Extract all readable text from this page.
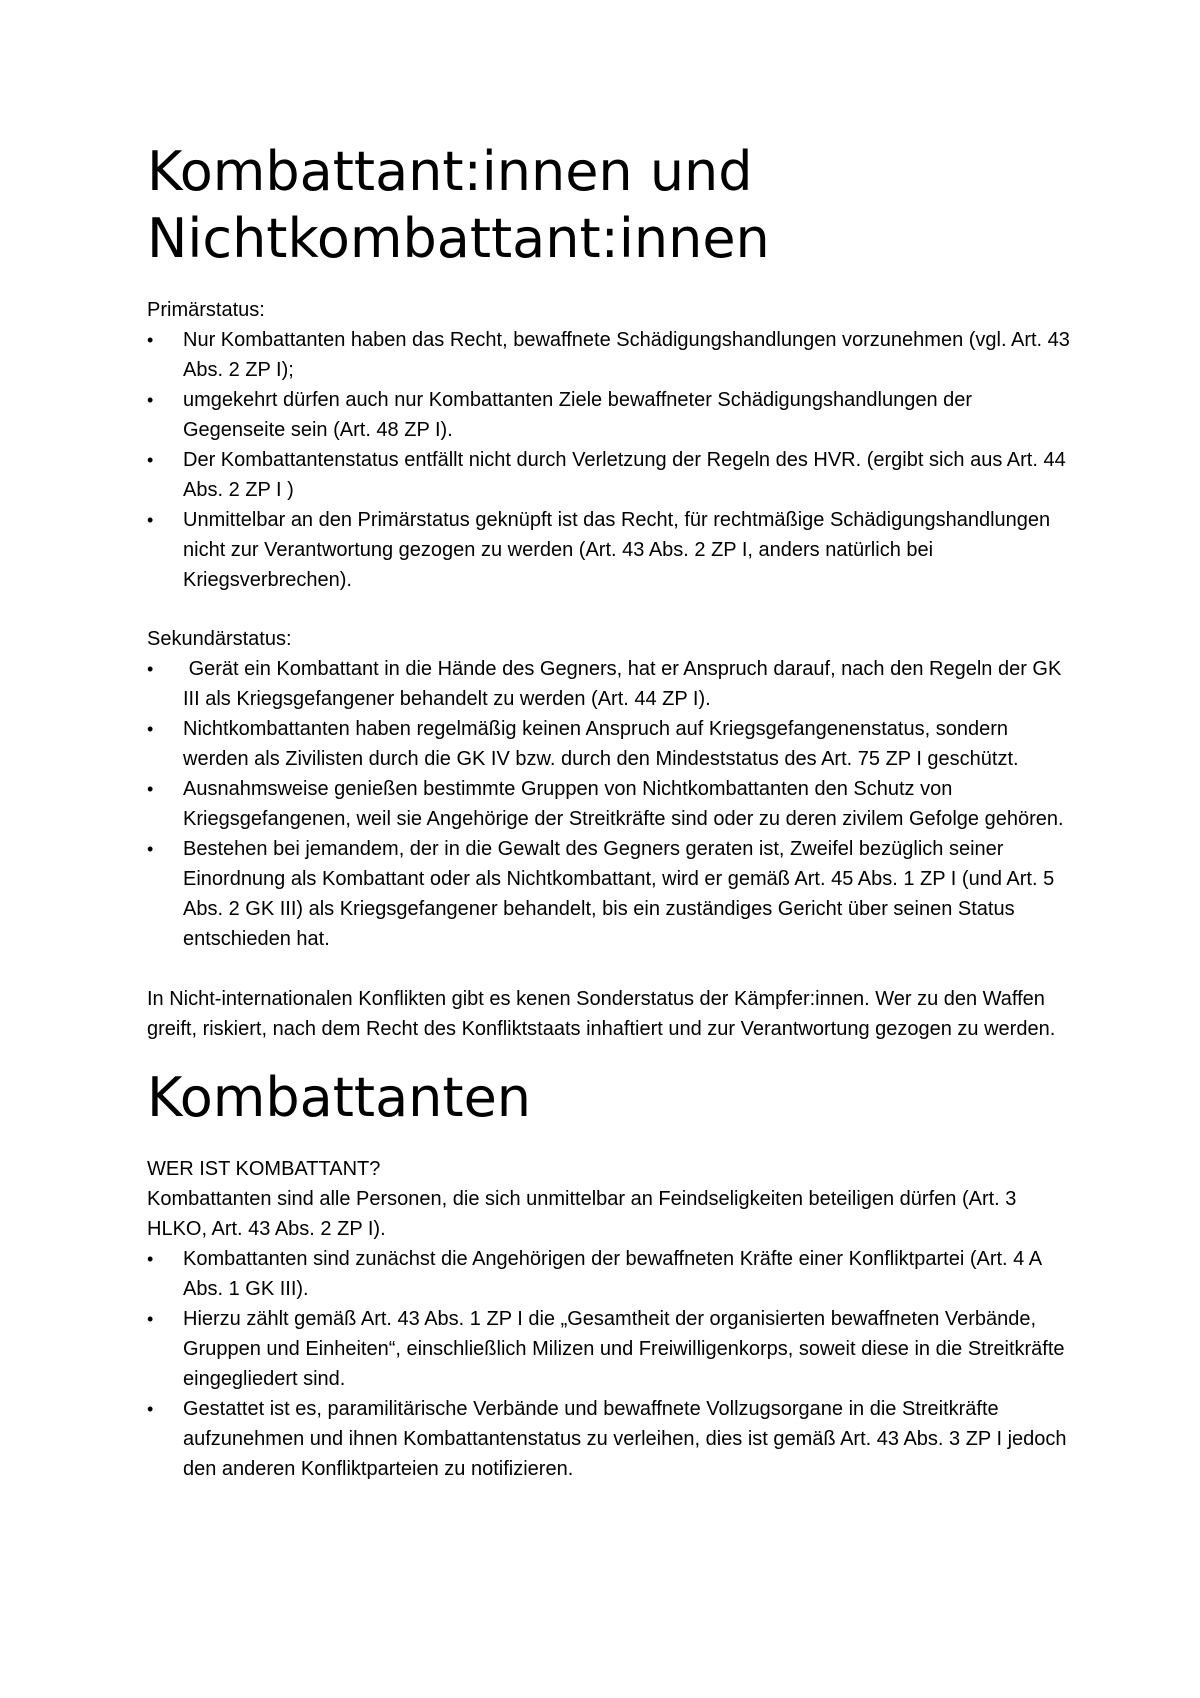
Kombattant:innen und
Nichtkombattant:innen

Primärstatus:

• Nur Kombattanten haben das Recht, bewaffnete Schädigungshandlungen vorzunehmen (vgl. Art. 43 Abs. 2 ZP I);
• umgekehrt dürfen auch nur Kombattanten Ziele bewaffneter Schädigungshandlungen der Gegenseite sein (Art. 48 ZP I).
• Der Kombattantenstatus entfällt nicht durch Verletzung der Regeln des HVR. (ergibt sich aus Art. 44 Abs. 2 ZP I )
• Unmittelbar an den Primärstatus geknüpft ist das Recht, für rechtmäßige Schädigungshandlungen nicht zur Verantwortung gezogen zu werden (Art. 43 Abs. 2 ZP I, anders natürlich bei Kriegsverbrechen).

Sekundärstatus:

• Gerät ein Kombattant in die Hände des Gegners, hat er Anspruch darauf, nach den Regeln der GK III als Kriegsgefangener behandelt zu werden (Art. 44 ZP I).
• Nichtkombattanten haben regelmäßig keinen Anspruch auf Kriegsgefangenenstatus, sondern werden als Zivilisten durch die GK IV bzw. durch den Mindeststatus des Art. 75 ZP I geschützt.
• Ausnahmsweise genießen bestimmte Gruppen von Nichtkombattanten den Schutz von Kriegsgefangenen, weil sie Angehörige der Streitkräfte sind oder zu deren zivilem Gefolge gehören.
• Bestehen bei jemandem, der in die Gewalt des Gegners geraten ist, Zweifel bezüglich seiner Einordnung als Kombattant oder als Nichtkombattant, wird er gemäß Art. 45 Abs. 1 ZP I (und Art. 5 Abs. 2 GK III) als Kriegsgefangener behandelt, bis ein zuständiges Gericht über seinen Status entschieden hat.

In Nicht-internationalen Konflikten gibt es kenen Sonderstatus der Kämpfer:innen. Wer zu den Waffen greift, riskiert, nach dem Recht des Konfliktstaats inhaftiert und zur Verantwortung gezogen zu werden.

Kombattanten

WER IST KOMBATTANT?

Kombattanten sind alle Personen, die sich unmittelbar an Feindseligkeiten beteiligen dürfen (Art. 3 HLKO, Art. 43 Abs. 2 ZP I).

• Kombattanten sind zunächst die Angehörigen der bewaffneten Kräfte einer Konfliktpartei (Art. 4 A Abs. 1 GK III).
• Hierzu zählt gemäß Art. 43 Abs. 1 ZP I die „Gesamtheit der organisierten bewaffneten Verbände, Gruppen und Einheiten“, einschließlich Milizen und Freiwilligenkorps, soweit diese in die Streitkräfte eingegliedert sind.
• Gestattet ist es, paramilitärische Verbände und bewaffnete Vollzugsorgane in die Streitkräfte aufzunehmen und ihnen Kombattantenstatus zu verleihen, dies ist gemäß Art. 43 Abs. 3 ZP I jedoch den anderen Konfliktparteien zu notifizieren.
